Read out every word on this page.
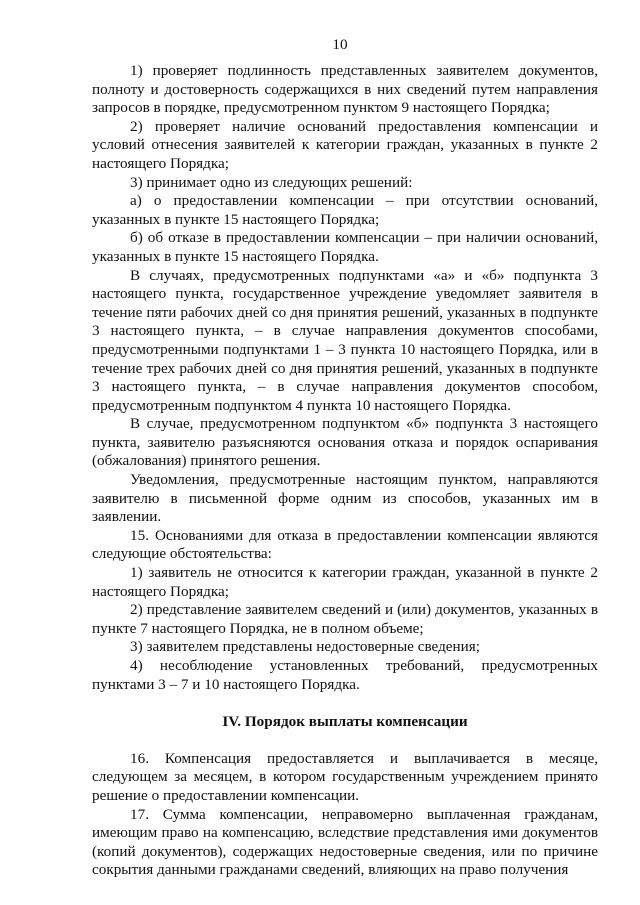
10

1) проверяет подлинность представленных заявителем документов, полноту и достоверность содержащихся в них сведений путем направления запросов в порядке, предусмотренном пунктом 9 настоящего Порядка;

2) проверяет наличие оснований предоставления компенсации и условий отнесения заявителей к категории граждан, указанных в пункте 2 настоящего Порядка;

3) принимает одно из следующих решений:

а) о предоставлении компенсации – при отсутствии оснований, указанных в пункте 15 настоящего Порядка;

б) об отказе в предоставлении компенсации – при наличии оснований, указанных в пункте 15 настоящего Порядка.

В случаях, предусмотренных подпунктами «а» и «б» подпункта 3 настоящего пункта, государственное учреждение уведомляет заявителя в течение пяти рабочих дней со дня принятия решений, указанных в подпункте 3 настоящего пункта, – в случае направления документов способами, предусмотренными подпунктами 1 – 3 пункта 10 настоящего Порядка, или в течение трех рабочих дней со дня принятия решений, указанных в подпункте 3 настоящего пункта, – в случае направления документов способом, предусмотренным подпунктом 4 пункта 10 настоящего Порядка.

В случае, предусмотренном подпунктом «б» подпункта 3 настоящего пункта, заявителю разъясняются основания отказа и порядок оспаривания (обжалования) принятого решения.

Уведомления, предусмотренные настоящим пунктом, направляются заявителю в письменной форме одним из способов, указанных им в заявлении.

15. Основаниями для отказа в предоставлении компенсации являются следующие обстоятельства:

1) заявитель не относится к категории граждан, указанной в пункте 2 настоящего Порядка;

2) представление заявителем сведений и (или) документов, указанных в пункте 7 настоящего Порядка, не в полном объеме;

3) заявителем представлены недостоверные сведения;

4) несоблюдение установленных требований, предусмотренных пунктами 3 – 7 и 10 настоящего Порядка.

IV. Порядок выплаты компенсации

16. Компенсация предоставляется и выплачивается в месяце, следующем за месяцем, в котором государственным учреждением принято решение о предоставлении компенсации.

17. Сумма компенсации, неправомерно выплаченная гражданам, имеющим право на компенсацию, вследствие представления ими документов (копий документов), содержащих недостоверные сведения, или по причине сокрытия данными гражданами сведений, влияющих на право получения
